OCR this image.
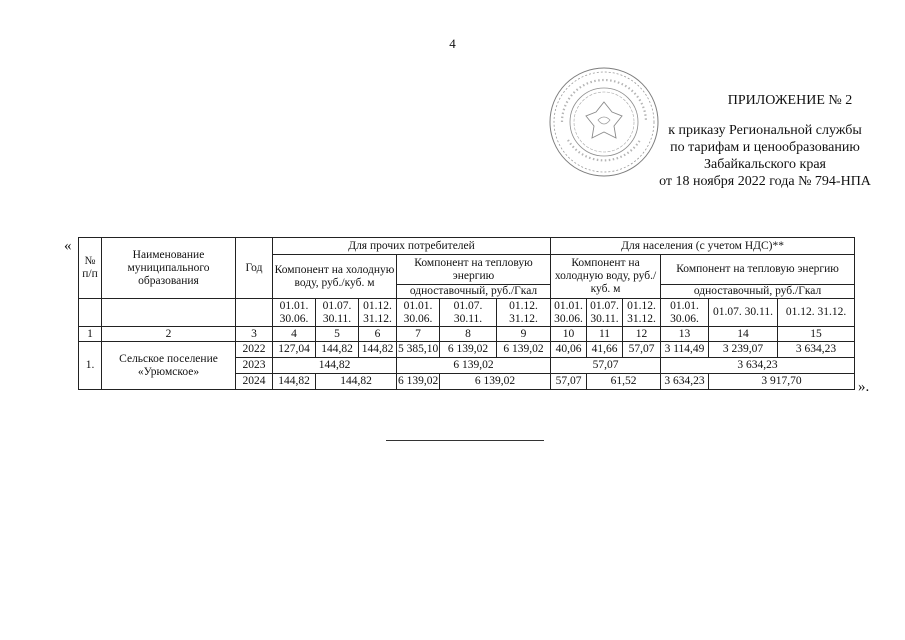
4
ПРИЛОЖЕНИЕ № 2
к приказу Региональной службы
по тарифам и ценообразованию
Забайкальского края
от 18 ноября 2022 года № 794-НПА
«
№ п/п	Наименование муниципального образования	Год	Для прочих потребителей						Для населения (с учетом НДС)**					
			Компонент на холодную воду, руб./куб. м			Компонент на тепловую энергию			Компонент на холодную воду, руб./куб. м			Компонент на тепловую энергию		
						одноставочный, руб./Гкал						одноставочный, руб./Гкал		
			01.01. 30.06.	01.07. 30.11.	01.12. 31.12.	01.01. 30.06.	01.07. 30.11.	01.12. 31.12.	01.01. 30.06.	01.07. 30.11.	01.12. 31.12.	01.01. 30.06.	01.07. 30.11.	01.12. 31.12.
1	2	3	4	5	6	7	8	9	10	11	12	13	14	15
1.	Сельское поселение «Урюмское»	2022	127,04	144,82	144,82	5 385,10	6 139,02	6 139,02	40,06	41,66	57,07	3 114,49	3 239,07	3 634,23
		2023	144,82			6 139,02			57,07			3 634,23		
		2024	144,82	144,82		6 139,02	6 139,02		57,07	61,52		3 634,23	3 917,70		».
